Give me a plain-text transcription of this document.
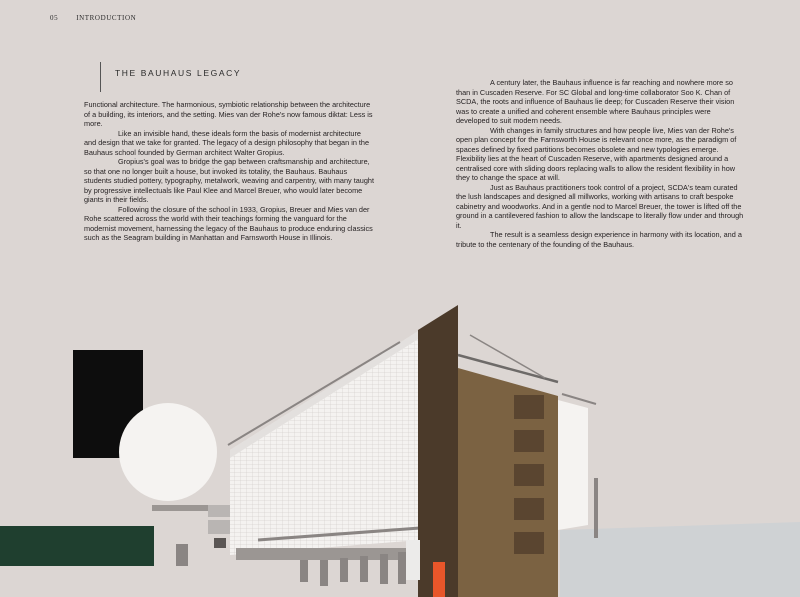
05	INTRODUCTION
THE BAUHAUS LEGACY

Functional architecture. The harmonious, symbiotic relationship between the architecture of a building, its interiors, and the setting. Mies van der Rohe's now famous diktat: Less is more.

Like an invisible hand, these ideals form the basis of modernist architecture and design that we take for granted. The legacy of a design philosophy that began in the Bauhaus school founded by German architect Walter Gropius.

Gropius's goal was to bridge the gap between craftsmanship and architecture, so that one no longer built a house, but invoked its totality, the Bauhaus. Bauhaus students studied pottery, typography, metalwork, weaving and carpentry, with many taught by progressive intellectuals like Paul Klee and Marcel Breuer, who would later become giants in their fields.

Following the closure of the school in 1933, Gropius, Breuer and Mies van der Rohe scattered across the world with their teachings forming the vanguard for the modernist movement, harnessing the legacy of the Bauhaus to produce enduring classics such as the Seagram building in Manhattan and Farnsworth House in Illinois.

A century later, the Bauhaus influence is far reaching and nowhere more so than in Cuscaden Reserve. For SC Global and long-time collaborator Soo K. Chan of SCDA, the roots and influence of Bauhaus lie deep; for Cuscaden Reserve their vision was to create a unified and coherent ensemble where Bauhaus principles were developed to suit modern needs.

With changes in family structures and how people live, Mies van der Rohe's open plan concept for the Farnsworth House is relevant once more, as the paradigm of spaces defined by fixed partitions becomes obsolete and new typologies emerge. Flexibility lies at the heart of Cuscaden Reserve, with apartments designed around a centralised core with sliding doors replacing walls to allow the resident flexibility in how they to change the space at will.

Just as Bauhaus practitioners took control of a project, SCDA's team curated the lush landscapes and designed all millworks, working with artisans to craft bespoke cabinetry and woodworks. And in a gentle nod to Marcel Breuer, the tower is lifted off the ground in a cantilevered fashion to allow the landscape to literally flow under and through it.

The result is a seamless design experience in harmony with its location, and a tribute to the centenary of the founding of the Bauhaus.
